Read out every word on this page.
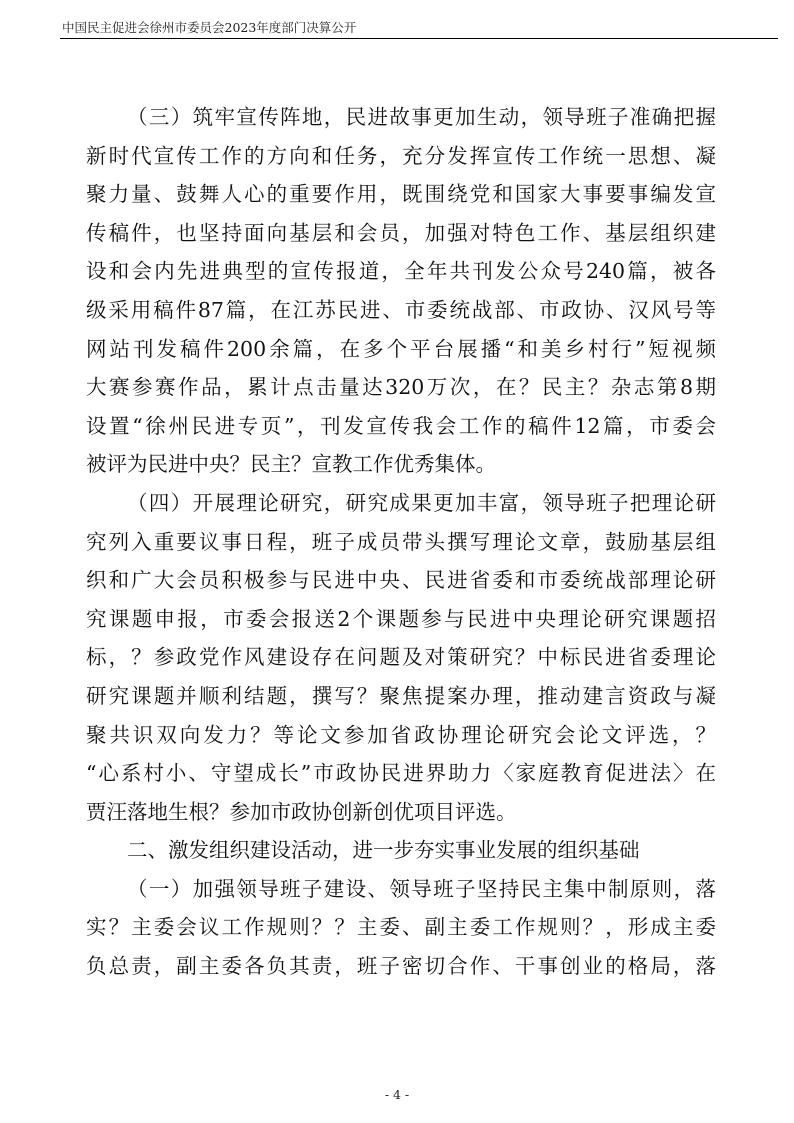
中国民主促进会徐州市委员会2023年度部门决算公开
（三）筑牢宣传阵地，民进故事更加生动，领导班子准确把握
新时代宣传工作的方向和任务，充分发挥宣传工作统一思想、凝
聚力量、鼓舞人心的重要作用，既围绕党和国家大事要事编发宣
传稿件，也坚持面向基层和会员，加强对特色工作、基层组织建
设和会内先进典型的宣传报道，全年共刊发公众号240篇，被各
级采用稿件87篇，在江苏民进、市委统战部、市政协、汉风号等
网站刊发稿件200余篇，在多个平台展播“和美乡村行”短视频
大赛参赛作品，累计点击量达320万次，在？民主？杂志第8期
设置“徐州民进专页”，刊发宣传我会工作的稿件12篇，市委会
被评为民进中央？民主？宣教工作优秀集体。
（四）开展理论研究，研究成果更加丰富，领导班子把理论研
究列入重要议事日程，班子成员带头撰写理论文章，鼓励基层组
织和广大会员积极参与民进中央、民进省委和市委统战部理论研
究课题申报，市委会报送2个课题参与民进中央理论研究课题招
标，？参政党作风建设存在问题及对策研究？中标民进省委理论
研究课题并顺利结题，撰写？聚焦提案办理，推动建言资政与凝
聚共识双向发力？等论文参加省政协理论研究会论文评选，？
“心系村小、守望成长”市政协民进界助力〈家庭教育促进法〉在
贾汪落地生根？参加市政协创新创优项目评选。
二、激发组织建设活动，进一步夯实事业发展的组织基础
（一）加强领导班子建设、领导班子坚持民主集中制原则，落
实？主委会议工作规则？？主委、副主委工作规则？，形成主委
负总责，副主委各负其责，班子密切合作、干事创业的格局，落
- 4 -
